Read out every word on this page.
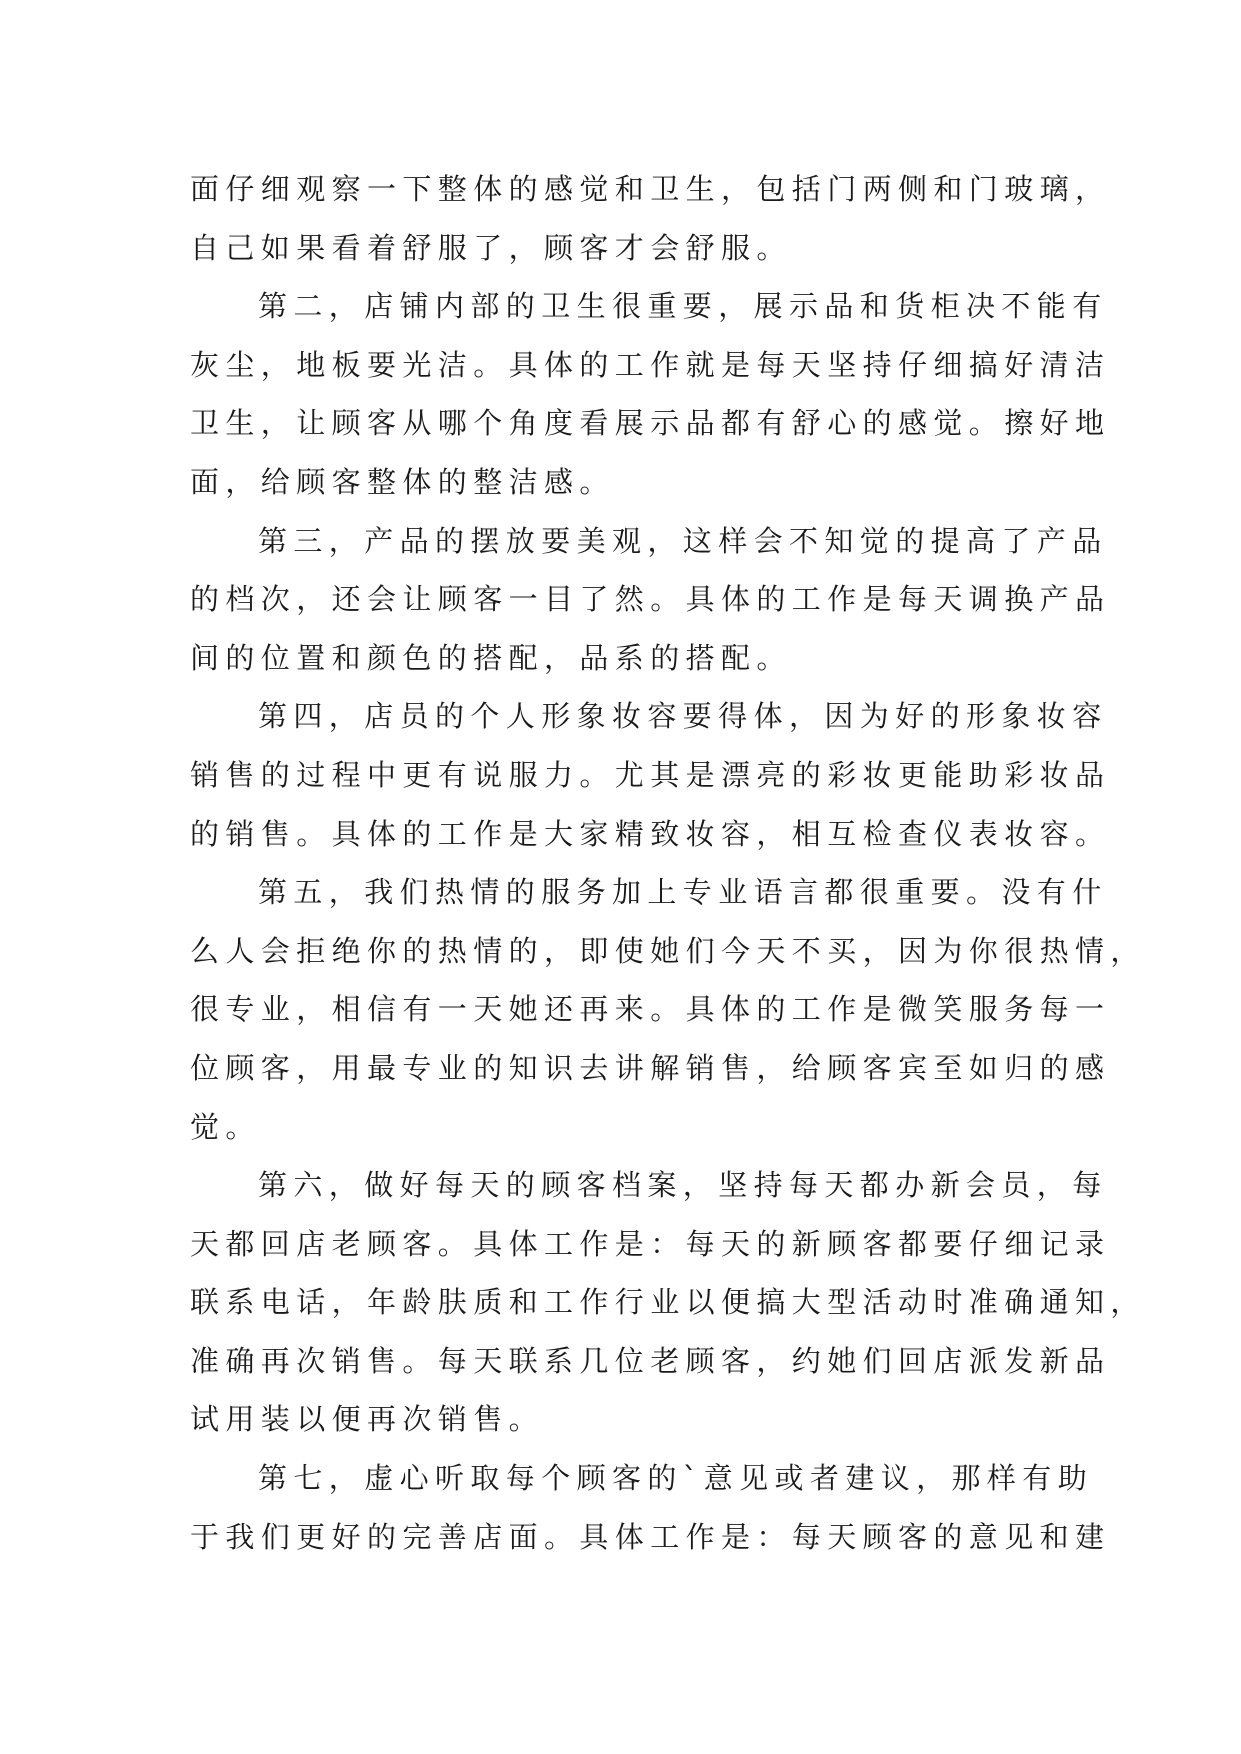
面仔细观察一下整体的感觉和卫生，包括门两侧和门玻璃，
自己如果看着舒服了，顾客才会舒服。
第二，店铺内部的卫生很重要，展示品和货柜决不能有
灰尘，地板要光洁。具体的工作就是每天坚持仔细搞好清洁
卫生，让顾客从哪个角度看展示品都有舒心的感觉。擦好地
面，给顾客整体的整洁感。
第三，产品的摆放要美观，这样会不知觉的提高了产品
的档次，还会让顾客一目了然。具体的工作是每天调换产品
间的位置和颜色的搭配，品系的搭配。
第四，店员的个人形象妆容要得体，因为好的形象妆容
销售的过程中更有说服力。尤其是漂亮的彩妆更能助彩妆品
的销售。具体的工作是大家精致妆容，相互检查仪表妆容。
第五，我们热情的服务加上专业语言都很重要。没有什
么人会拒绝你的热情的，即使她们今天不买，因为你很热情，
很专业，相信有一天她还再来。具体的工作是微笑服务每一
位顾客，用最专业的知识去讲解销售，给顾客宾至如归的感
觉。
第六，做好每天的顾客档案，坚持每天都办新会员，每
天都回店老顾客。具体工作是：每天的新顾客都要仔细记录
联系电话，年龄肤质和工作行业以便搞大型活动时准确通知，
准确再次销售。每天联系几位老顾客，约她们回店派发新品
试用装以便再次销售。
第七，虚心听取每个顾客的`意见或者建议，那样有助
于我们更好的完善店面。具体工作是：每天顾客的意见和建
